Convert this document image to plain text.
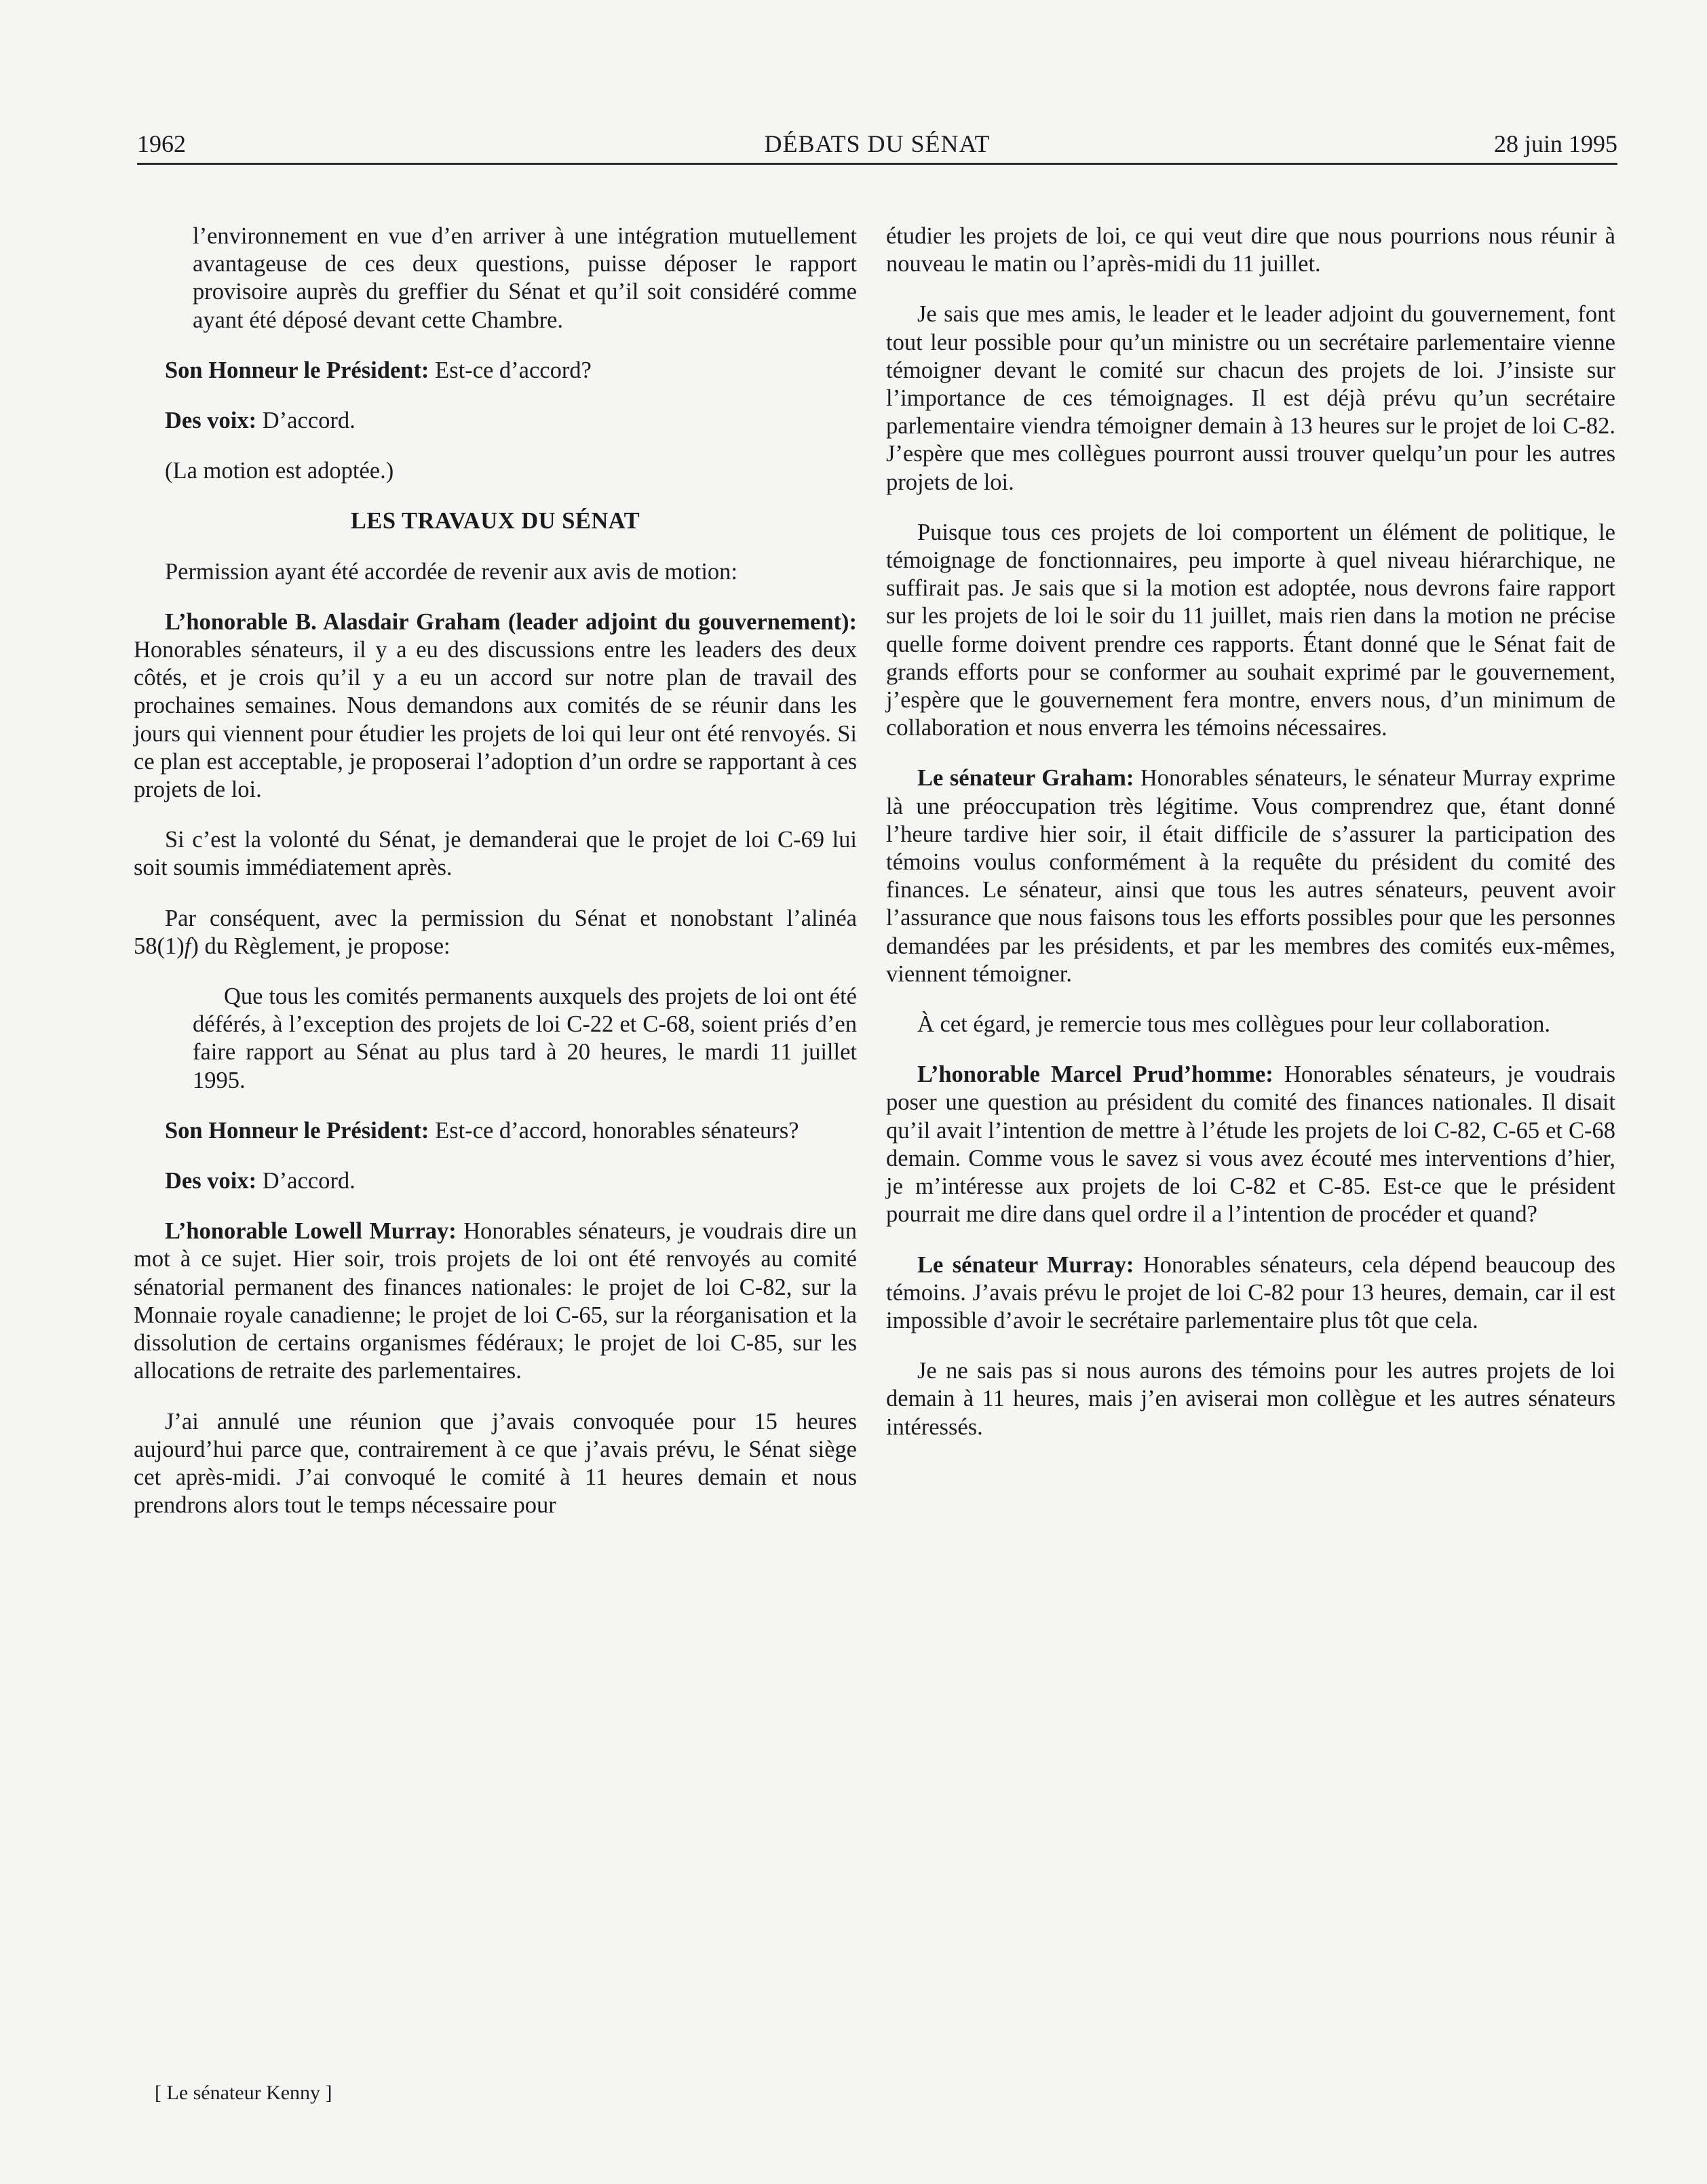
1962	DÉBATS DU SÉNAT	28 juin 1995

l’environnement en vue d’en arriver à une intégration mutuellement avantageuse de ces deux questions, puisse déposer le rapport provisoire auprès du greffier du Sénat et qu’il soit considéré comme ayant été déposé devant cette Chambre.

Son Honneur le Président: Est-ce d’accord?

Des voix: D’accord.

(La motion est adoptée.)

LES TRAVAUX DU SÉNAT

Permission ayant été accordée de revenir aux avis de motion:

L’honorable B. Alasdair Graham (leader adjoint du gouvernement): Honorables sénateurs, il y a eu des discussions entre les leaders des deux côtés, et je crois qu’il y a eu un accord sur notre plan de travail des prochaines semaines. Nous demandons aux comités de se réunir dans les jours qui viennent pour étudier les projets de loi qui leur ont été renvoyés. Si ce plan est acceptable, je proposerai l’adoption d’un ordre se rapportant à ces projets de loi.

Si c’est la volonté du Sénat, je demanderai que le projet de loi C-69 lui soit soumis immédiatement après.

Par conséquent, avec la permission du Sénat et nonobstant l’alinéa 58(1)f) du Règlement, je propose:

Que tous les comités permanents auxquels des projets de loi ont été déférés, à l’exception des projets de loi C-22 et C-68, soient priés d’en faire rapport au Sénat au plus tard à 20 heures, le mardi 11 juillet 1995.

Son Honneur le Président: Est-ce d’accord, honorables sénateurs?

Des voix: D’accord.

L’honorable Lowell Murray: Honorables sénateurs, je voudrais dire un mot à ce sujet. Hier soir, trois projets de loi ont été renvoyés au comité sénatorial permanent des finances nationales: le projet de loi C-82, sur la Monnaie royale canadienne; le projet de loi C-65, sur la réorganisation et la dissolution de certains organismes fédéraux; le projet de loi C-85, sur les allocations de retraite des parlementaires.

J’ai annulé une réunion que j’avais convoquée pour 15 heures aujourd’hui parce que, contrairement à ce que j’avais prévu, le Sénat siège cet après-midi. J’ai convoqué le comité à 11 heures demain et nous prendrons alors tout le temps nécessaire pour

étudier les projets de loi, ce qui veut dire que nous pourrions nous réunir à nouveau le matin ou l’après-midi du 11 juillet.

Je sais que mes amis, le leader et le leader adjoint du gouvernement, font tout leur possible pour qu’un ministre ou un secrétaire parlementaire vienne témoigner devant le comité sur chacun des projets de loi. J’insiste sur l’importance de ces témoignages. Il est déjà prévu qu’un secrétaire parlementaire viendra témoigner demain à 13 heures sur le projet de loi C-82. J’espère que mes collègues pourront aussi trouver quelqu’un pour les autres projets de loi.

Puisque tous ces projets de loi comportent un élément de politique, le témoignage de fonctionnaires, peu importe à quel niveau hiérarchique, ne suffirait pas. Je sais que si la motion est adoptée, nous devrons faire rapport sur les projets de loi le soir du 11 juillet, mais rien dans la motion ne précise quelle forme doivent prendre ces rapports. Étant donné que le Sénat fait de grands efforts pour se conformer au souhait exprimé par le gouvernement, j’espère que le gouvernement fera montre, envers nous, d’un minimum de collaboration et nous enverra les témoins nécessaires.

Le sénateur Graham: Honorables sénateurs, le sénateur Murray exprime là une préoccupation très légitime. Vous comprendrez que, étant donné l’heure tardive hier soir, il était difficile de s’assurer la participation des témoins voulus conformément à la requête du président du comité des finances. Le sénateur, ainsi que tous les autres sénateurs, peuvent avoir l’assurance que nous faisons tous les efforts possibles pour que les personnes demandées par les présidents, et par les membres des comités eux-mêmes, viennent témoigner.

À cet égard, je remercie tous mes collègues pour leur collaboration.

L’honorable Marcel Prud’homme: Honorables sénateurs, je voudrais poser une question au président du comité des finances nationales. Il disait qu’il avait l’intention de mettre à l’étude les projets de loi C-82, C-65 et C-68 demain. Comme vous le savez si vous avez écouté mes interventions d’hier, je m’intéresse aux projets de loi C-82 et C-85. Est-ce que le président pourrait me dire dans quel ordre il a l’intention de procéder et quand?

Le sénateur Murray: Honorables sénateurs, cela dépend beaucoup des témoins. J’avais prévu le projet de loi C-82 pour 13 heures, demain, car il est impossible d’avoir le secrétaire parlementaire plus tôt que cela.

Je ne sais pas si nous aurons des témoins pour les autres projets de loi demain à 11 heures, mais j’en aviserai mon collègue et les autres sénateurs intéressés.

[ Le sénateur Kenny ]
